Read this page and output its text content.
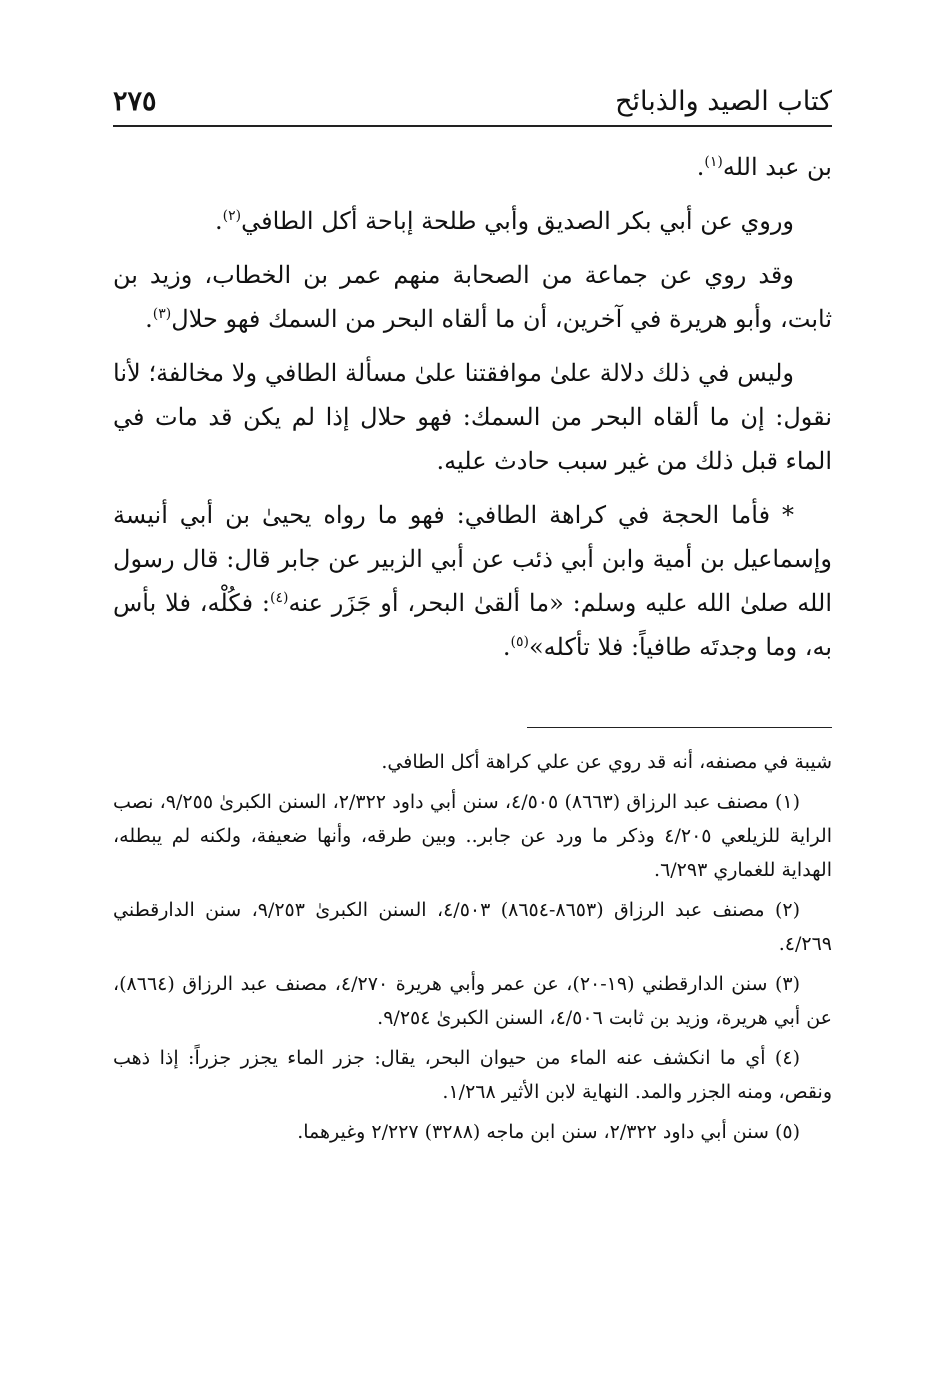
كتاب الصيد والذبائح
٢٧٥

بن عبد الله$^{(١)}$.

وروي عن أبي بكر الصديق وأبي طلحة إباحة أكل الطافي$^{(٢)}$.

وقد روي عن جماعة من الصحابة منهم عمر بن الخطاب، وزيد بن ثابت، وأبو هريرة في آخرين، أن ما ألقاه البحر من السمك فهو حلال$^{(٣)}$.

وليس في ذلك دلالة علىٰ موافقتنا علىٰ مسألة الطافي ولا مخالفة؛ لأنا نقول: إن ما ألقاه البحر من السمك: فهو حلال إذا لم يكن قد مات في الماء قبل ذلك من غير سبب حادث عليه.

* فأما الحجة في كراهة الطافي: فهو ما رواه يحيىٰ بن أبي أنيسة وإسماعيل بن أمية وابن أبي ذئب عن أبي الزبير عن جابر قال: قال رسول الله صلىٰ الله عليه وسلم: «ما ألقىٰ البحر، أو جَزَر عنه$^{(٤)}$: فكُلْه، فلا بأس به، وما وجدتَه طافياً: فلا تأكله»$^{(٥)}$.

شيبة في مصنفه، أنه قد روي عن علي كراهة أكل الطافي.

(١) مصنف عبد الرزاق (٨٦٦٣) ٤/٥٠٥، سنن أبي داود ٢/٣٢٢، السنن الكبرىٰ ٩/٢٥٥، نصب الراية للزيلعي ٤/٢٠٥ وذكر ما ورد عن جابر.. وبين طرقه، وأنها ضعيفة، ولكنه لم يبطله، الهداية للغماري ٦/٢٩٣.

(٢) مصنف عبد الرزاق (٨٦٥٣-٨٦٥٤) ٤/٥٠٣، السنن الكبرىٰ ٩/٢٥٣، سنن الدارقطني ٤/٢٦٩.

(٣) سنن الدارقطني (١٩-٢٠)، عن عمر وأبي هريرة ٤/٢٧٠، مصنف عبد الرزاق (٨٦٦٤)، عن أبي هريرة، وزيد بن ثابت ٤/٥٠٦، السنن الكبرىٰ ٩/٢٥٤.

(٤) أي ما انكشف عنه الماء من حيوان البحر، يقال: جزر الماء يجزر جزراً: إذا ذهب ونقص، ومنه الجزر والمد. النهاية لابن الأثير ١/٢٦٨.

(٥) سنن أبي داود ٢/٣٢٢، سنن ابن ماجه (٣٢٨٨) ٢/٢٢٧ وغيرهما.
